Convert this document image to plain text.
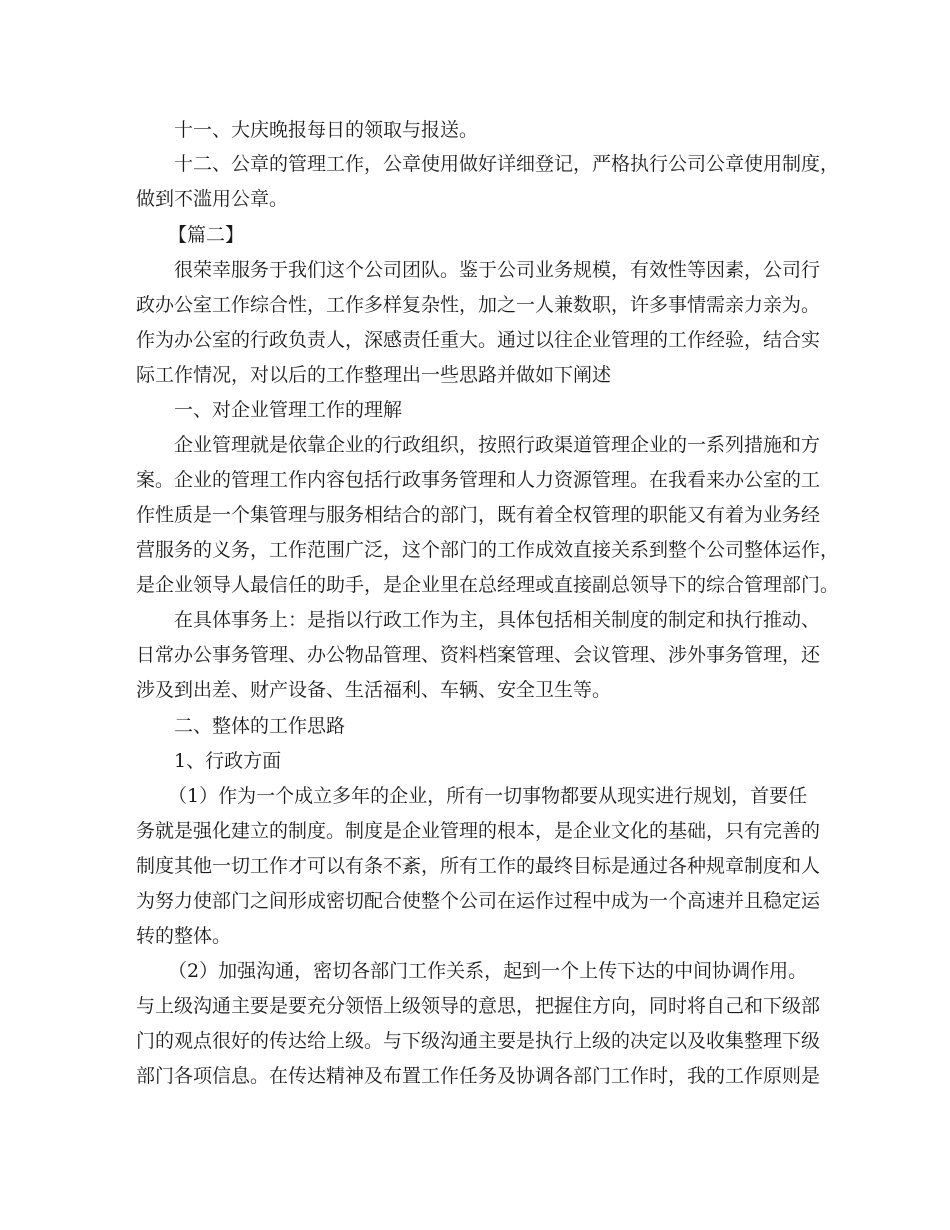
十一、大庆晚报每日的领取与报送。
十二、公章的管理工作，公章使用做好详细登记，严格执行公司公章使用制度，
做到不滥用公章。
【篇二】
很荣幸服务于我们这个公司团队。鉴于公司业务规模，有效性等因素，公司行
政办公室工作综合性，工作多样复杂性，加之一人兼数职，许多事情需亲力亲为。
作为办公室的行政负责人，深感责任重大。通过以往企业管理的工作经验，结合实
际工作情况，对以后的工作整理出一些思路并做如下阐述
一、对企业管理工作的理解
企业管理就是依靠企业的行政组织，按照行政渠道管理企业的一系列措施和方
案。企业的管理工作内容包括行政事务管理和人力资源管理。在我看来办公室的工
作性质是一个集管理与服务相结合的部门，既有着全权管理的职能又有着为业务经
营服务的义务，工作范围广泛，这个部门的工作成效直接关系到整个公司整体运作，
是企业领导人最信任的助手，是企业里在总经理或直接副总领导下的综合管理部门。
在具体事务上：是指以行政工作为主，具体包括相关制度的制定和执行推动、
日常办公事务管理、办公物品管理、资料档案管理、会议管理、涉外事务管理，还
涉及到出差、财产设备、生活福利、车辆、安全卫生等。
二、整体的工作思路
1、行政方面
（1）作为一个成立多年的企业，所有一切事物都要从现实进行规划，首要任
务就是强化建立的制度。制度是企业管理的根本，是企业文化的基础，只有完善的
制度其他一切工作才可以有条不紊，所有工作的最终目标是通过各种规章制度和人
为努力使部门之间形成密切配合使整个公司在运作过程中成为一个高速并且稳定运
转的整体。
（2）加强沟通，密切各部门工作关系，起到一个上传下达的中间协调作用。
与上级沟通主要是要充分领悟上级领导的意思，把握住方向，同时将自己和下级部
门的观点很好的传达给上级。与下级沟通主要是执行上级的决定以及收集整理下级
部门各项信息。在传达精神及布置工作任务及协调各部门工作时，我的工作原则是
